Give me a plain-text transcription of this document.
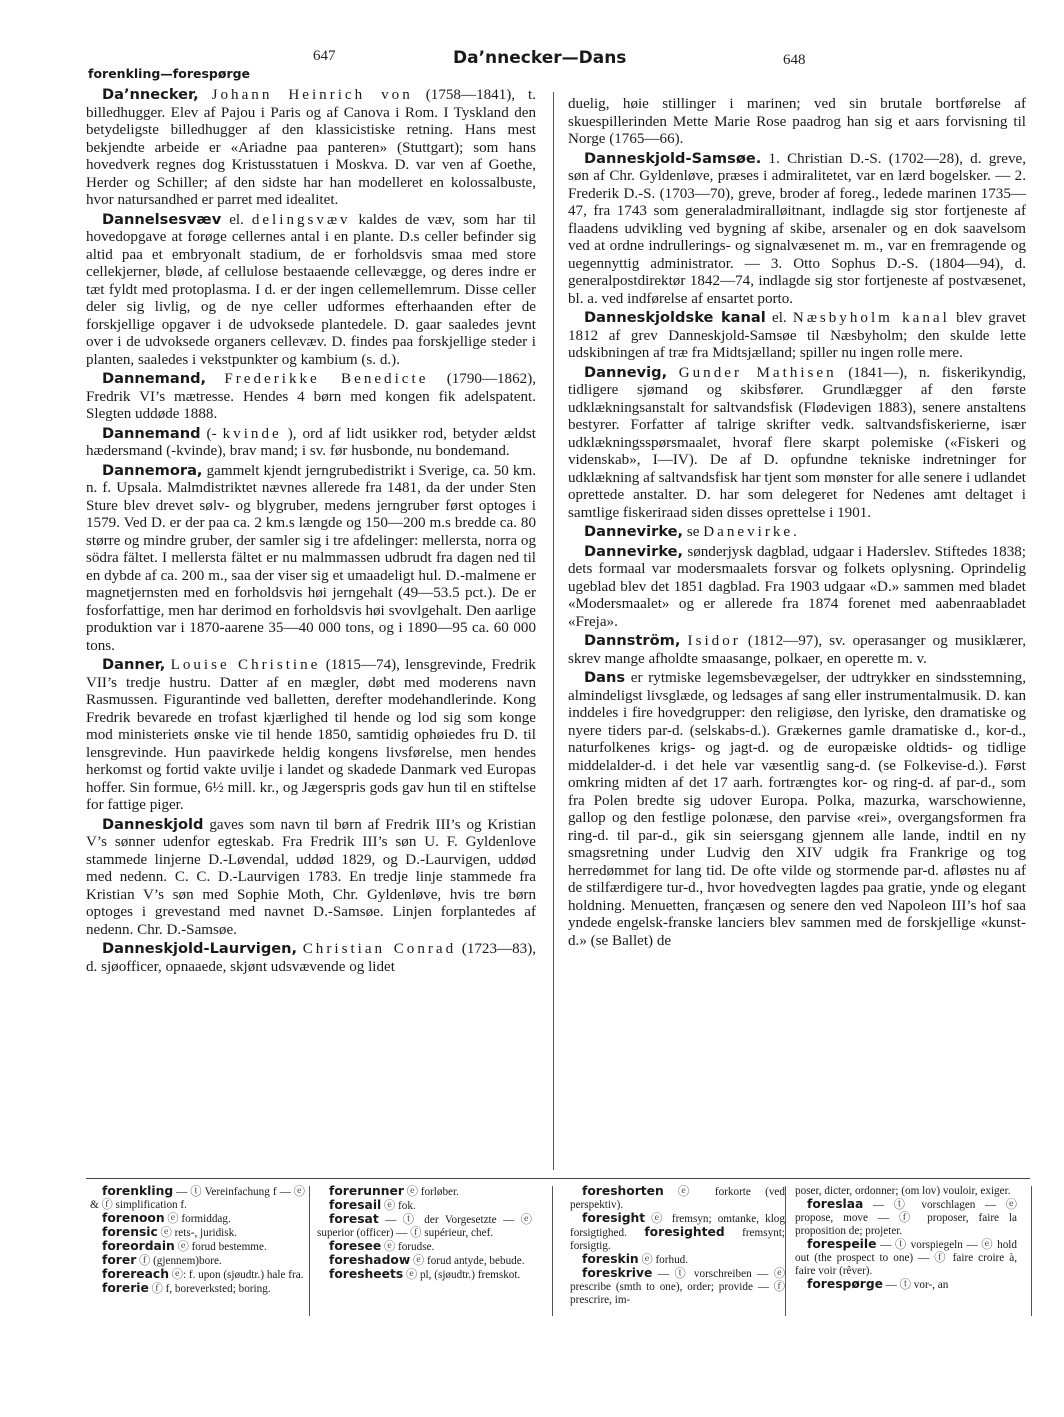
647	Da’nnecker—Dans	648
forenkling—forespørge

Da’nnecker, Johann Heinrich von (1758—1841), t. billedhugger. Elev af Pajou i Paris og af Canova i Rom. I Tyskland den betydeligste billedhugger af den klassicistiske retning. Hans mest bekjendte arbeide er «Ariadne paa panteren» (Stuttgart); som hans hovedverk regnes dog Kristusstatuen i Moskva. D. var ven af Goethe, Herder og Schiller; af den sidste har han modelleret en kolossalbuste, hvor natursandhed er parret med idealitet.

Dannelsesvæv el. delingsvæv kaldes de væv, som har til hovedopgave at forøge cellernes antal i en plante. D.s celler befinder sig altid paa et embryonalt stadium, de er forholdsvis smaa med store cellekjerner, bløde, af cellulose bestaaende cellevægge, og deres indre er tæt fyldt med protoplasma. I d. er der ingen cellemellemrum. Disse celler deler sig livlig, og de nye celler udformes efterhaanden efter de forskjellige opgaver i de udvoksede plantedele. D. gaar saaledes jevnt over i de udvoksede organers cellevæv. D. findes paa forskjellige steder i planten, saaledes i vekstpunkter og kambium (s. d.).

Dannemand, Frederikke Benedicte (1790—1862), Fredrik VI’s mætresse. Hendes 4 børn med kongen fik adelspatent. Slegten uddøde 1888.

Dannemand (- kvinde ), ord af lidt usikker rod, betyder ældst hædersmand (-kvinde), brav mand; i sv. før husbonde, nu bondemand.

Dannemora, gammelt kjendt jerngrubedistrikt i Sverige, ca. 50 km. n. f. Upsala. Malmdistriktet nævnes allerede fra 1481, da der under Sten Sture blev drevet sølv- og blygruber, medens jerngruber først optoges i 1579. Ved D. er der paa ca. 2 km.s længde og 150—200 m.s bredde ca. 80 større og mindre gruber, der samler sig i tre afdelinger: mellersta, norra og södra fältet. I mellersta fältet er nu malmmassen udbrudt fra dagen ned til en dybde af ca. 200 m., saa der viser sig et umaadeligt hul. D.-malmene er magnetjernsten med en forholdsvis høi jerngehalt (49—53.5 pct.). De er fosforfattige, men har derimod en forholdsvis høi svovlgehalt. Den aarlige produktion var i 1870-aarene 35—40 000 tons, og i 1890—95 ca. 60 000 tons.

Danner, Louise Christine (1815—74), lensgrevinde, Fredrik VII’s tredje hustru. Datter af en mægler, døbt med moderens navn Rasmussen. Figurantinde ved balletten, derefter modehandlerinde. Kong Fredrik bevarede en trofast kjærlighed til hende og lod sig som konge mod ministeriets ønske vie til hende 1850, samtidig ophøiedes fru D. til lensgrevinde. Hun paavirkede heldig kongens livsførelse, men hendes herkomst og fortid vakte uvilje i landet og skadede Danmark ved Europas hoffer. Sin formue, 6½ mill. kr., og Jægerspris gods gav hun til en stiftelse for fattige piger.

Danneskjold gaves som navn til børn af Fredrik III’s og Kristian V’s sønner udenfor egteskab. Fra Fredrik III’s søn U. F. Gyldenlove stammede linjerne D.-Løvendal, uddød 1829, og D.-Laurvigen, uddød med nedenn. C. C. D.-Laurvigen 1783. En tredje linje stammede fra Kristian V’s søn med Sophie Moth, Chr. Gyldenløve, hvis tre børn optoges i grevestand med navnet D.-Samsøe. Linjen forplantedes af nedenn. Chr. D.-Samsøe.

Danneskjold-Laurvigen, Christian Conrad (1723—83), d. sjøofficer, opnaaede, skjønt udsvævende og lidet

duelig, høie stillinger i marinen; ved sin brutale bortførelse af skuespillerinden Mette Marie Rose paadrog han sig et aars forvisning til Norge (1765—66).

Danneskjold-Samsøe. 1. Christian D.-S. (1702—28), d. greve, søn af Chr. Gyldenløve, præses i admiralitetet, var en lærd bogelsker. — 2. Frederik D.-S. (1703—70), greve, broder af foreg., ledede marinen 1735—47, fra 1743 som generaladmiralløitnant, indlagde sig stor fortjeneste af flaadens udvikling ved bygning af skibe, arsenaler og en dok saavelsom ved at ordne indrullerings- og signalvæsenet m. m., var en fremragende og uegennyttig administrator. — 3. Otto Sophus D.-S. (1804—94), d. generalpostdirektør 1842—74, indlagde sig stor fortjeneste af postvæsenet, bl. a. ved indførelse af ensartet porto.

Danneskjoldske kanal el. Næsbyholm kanal blev gravet 1812 af grev Danneskjold-Samsøe til Næsbyholm; den skulde lette udskibningen af træ fra Midtsjælland; spiller nu ingen rolle mere.

Dannevig, Gunder Mathisen (1841—), n. fiskerikyndig, tidligere sjømand og skibsfører. Grundlægger af den første udklækningsanstalt for saltvandsfisk (Flødevigen 1883), senere anstaltens bestyrer. Forfatter af talrige skrifter vedk. saltvandsfiskerierne, især udklækningsspørsmaalet, hvoraf flere skarpt polemiske («Fiskeri og videnskab», I—IV). De af D. opfundne tekniske indretninger for udklækning af saltvandsfisk har tjent som mønster for alle senere i udlandet oprettede anstalter. D. har som delegeret for Nedenes amt deltaget i samtlige fiskeriraad siden disses oprettelse i 1901.

Dannevirke, se Danevirke.

Dannevirke, sønderjysk dagblad, udgaar i Haderslev. Stiftedes 1838; dets formaal var modersmaalets forsvar og folkets oplysning. Oprindelig ugeblad blev det 1851 dagblad. Fra 1903 udgaar «D.» sammen med bladet «Modersmaalet» og er allerede fra 1874 forenet med aabenraabladet «Freja».

Dannström, Isidor (1812—97), sv. operasanger og musiklærer, skrev mange afholdte smaasange, polkaer, en operette m. v.

Dans er rytmiske legemsbevægelser, der udtrykker en sindsstemning, almindeligst livsglæde, og ledsages af sang eller instrumentalmusik. D. kan inddeles i fire hovedgrupper: den religiøse, den lyriske, den dramatiske og nyere tiders par-d. (selskabs-d.). Grækernes gamle dramatiske d., kor-d., naturfolkenes krigs- og jagt-d. og de europæiske oldtids- og tidlige middelalder-d. i det hele var væsentlig sang-d. (se Folkevise-d.). Først omkring midten af det 17 aarh. fortrængtes kor- og ring-d. af par-d., som fra Polen bredte sig udover Europa. Polka, mazurka, warschowienne, gallop og den festlige polonæse, den parvise «rei», overgangsformen fra ring-d. til par-d., gik sin seiersgang gjennem alle lande, indtil en ny smagsretning under Ludvig den XIV udgik fra Frankrige og tog herredømmet for lang tid. De ofte vilde og stormende par-d. afløstes nu af de stilfærdigere tur-d., hvor hovedvegten lagdes paa gratie, ynde og elegant holdning. Menuetten, françæsen og senere den ved Napoleon III’s hof saa yndede engelsk-franske lanciers blev sammen med de forskjellige «kunst-d.» (se Ballet) de

forenkling — ⓣ Vereinfachung f — ⓔ & ⓕ simplification f.

forenoon ⓔ formiddag.

forensic ⓔ rets-, juridisk.

foreordain ⓔ forud bestemme.

forer ⓕ (gjennem)bore.

forereach ⓔ: f. upon (sjøudtr.) hale fra.

forerie ⓕ f, boreverksted; boring.

forerunner ⓔ forløber.

foresail ⓔ fok.

foresat — ⓣ der Vorgesetzte — ⓔ superior (officer) — ⓕ supérieur, chef.

foresee ⓔ forudse.

foreshadow ⓔ forud antyde, bebude.

foresheets ⓔ pl, (sjøudtr.) fremskot.

foreshorten ⓔ forkorte (ved perspektiv).

foresight ⓔ fremsyn; omtanke, klog forsigtighed. foresighted fremsynt; forsigtig.

foreskin ⓔ forhud.

foreskrive — ⓣ vorschreiben — ⓔ prescribe (smth to one), order; provide — ⓕ prescrire, im-

poser, dicter, ordonner; (om lov) vouloir, exiger.

foreslaa — ⓣ vorschlagen — ⓔ propose, move — ⓕ proposer, faire la proposition de; projeter.

forespeile — ⓣ vorspiegeln — ⓔ hold out (the prospect to one) — ⓕ faire croire à, faire voir (rêver).

forespørge — ⓣ vor-, an
